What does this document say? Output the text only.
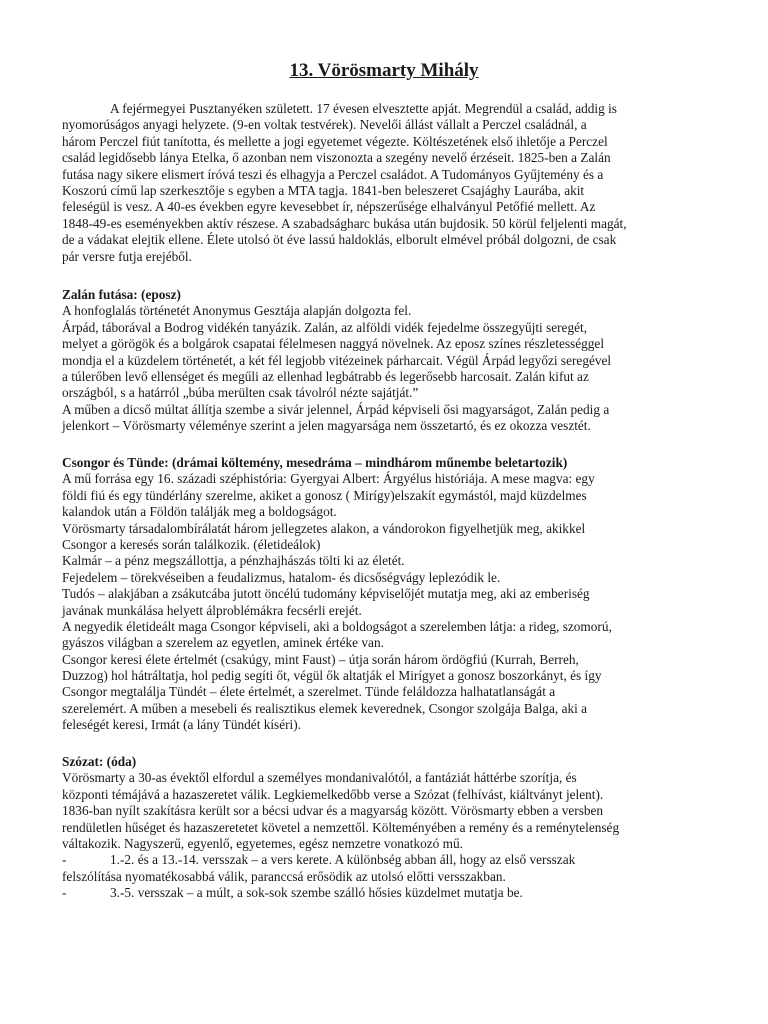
13. Vörösmarty Mihály
A fejérmegyei Pusztanyéken született. 17 évesen elvesztette apját. Megrendül a család, addig is
nyomorúságos anyagi helyzete. (9-en voltak testvérek). Nevelői állást vállalt a Perczel családnál, a
három Perczel fiút tanította, és mellette a jogi egyetemet végezte. Költészetének első ihletője a Perczel
család legidősebb lánya Etelka, ő azonban nem viszonozta a szegény nevelő érzéseit. 1825-ben a Zalán
futása nagy sikere elismert íróvá teszi és elhagyja a Perczel családot. A Tudományos Gyűjtemény és a
Koszorú című lap szerkesztője s egyben a MTA tagja. 1841-ben beleszeret Csajághy Laurába, akit
feleségül is vesz. A 40-es években egyre kevesebbet ír, népszerűsége elhalványul Petőfié mellett. Az
1848-49-es eseményekben aktív részese. A szabadságharc bukása után bujdosik. 50 körül feljelenti magát,
de a vádakat elejtik ellene. Élete utolsó öt éve lassú haldoklás, elborult elmével próbál dolgozni, de csak
pár versre futja erejéből.
Zalán futása: (eposz)
A honfoglalás történetét Anonymus Gesztája alapján dolgozta fel.
Árpád, táborával a Bodrog vidékén tanyázik. Zalán, az alföldi vidék fejedelme összegyűjti seregét,
melyet a görögök és a bolgárok csapatai félelmesen naggyá növelnek. Az eposz színes részletességgel
mondja el a küzdelem történetét, a két fél legjobb vitézeinek párharcait. Végül Árpád legyőzi seregével
a túlerőben levő ellenséget és megűli az ellenhad legbátrabb és legerősebb harcosait. Zalán kifut az
országból, s a határról „búba merülten csak távolról nézte sajátját.”
A műben a dicső múltat állítja szembe a sivár jelennel, Árpád képviseli ősi magyarságot, Zalán pedig a
jelenkort – Vörösmarty véleménye szerint a jelen magyarsága nem összetartó, és ez okozza vesztét.
Csongor és Tünde: (drámai költemény, mesedráma – mindhárom műnembe beletartozik)
A mű forrása egy 16. századi széphistória: Gyergyai Albert: Árgyélus históriája. A mese magva: egy
földi fiú és egy tündérlány szerelme, akiket a gonosz ( Mirígy)elszakít egymástól, majd küzdelmes
kalandok után a Földön találják meg a boldogságot.
Vörösmarty társadalombírálatát három jellegzetes alakon, a vándorokon figyelhetjük meg, akikkel
Csongor a keresés során találkozik. (életideálok)
Kalmár – a pénz megszállottja, a pénzhajhászás tölti ki az életét.
Fejedelem – törekvéseiben a feudalizmus, hatalom- és dicsőségvágy leplezódik le.
Tudós – alakjában a zsákutcába jutott öncélú tudomány képviselőjét mutatja meg, aki az emberiség
javának munkálása helyett álproblémákra fecsérli erejét.
A negyedik életideált maga Csongor képviseli, aki a boldogságot a szerelemben látja: a rideg, szomorú,
gyászos világban a szerelem az egyetlen, aminek értéke van.
Csongor keresi élete értelmét (csakúgy, mint Faust) – útja során három ördögfiú (Kurrah, Berreh,
Duzzog) hol hátráltatja, hol pedig segíti őt, végül ők altatják el Mirígyet a gonosz boszorkányt, és így
Csongor megtalálja Tündét – élete értelmét, a szerelmet. Tünde feláldozza halhatatlanságát a
szerelemért. A műben a mesebeli és realisztikus elemek keverednek, Csongor szolgája Balga, aki a
feleségét keresi, Irmát (a lány Tündét kíséri).
Szózat: (óda)
Vörösmarty a 30-as évektől elfordul a személyes mondanivalótól, a fantáziát háttérbe szorítja, és
központi témájává a hazaszeretet válik. Legkiemelkedőbb verse a Szózat (felhívást, kiáltványt jelent).
1836-ban nyílt szakításra került sor a bécsi udvar és a magyarság között. Vörösmarty ebben a versben
rendületlen hűséget és hazaszeretetet követel a nemzettől. Költeményében a remény és a reménytelenség
váltakozik. Nagyszerű, egyenlő, egyetemes, egész nemzetre vonatkozó mű.
-	1.-2. és a 13.-14. versszak – a vers kerete. A különbség abban áll, hogy az első versszak
felszólítása nyomatékosabbá válik, paranccsá erősödik az utolsó előtti versszakban.
-	3.-5. versszak – a múlt, a sok-sok szembe szálló hősies küzdelmet mutatja be.
